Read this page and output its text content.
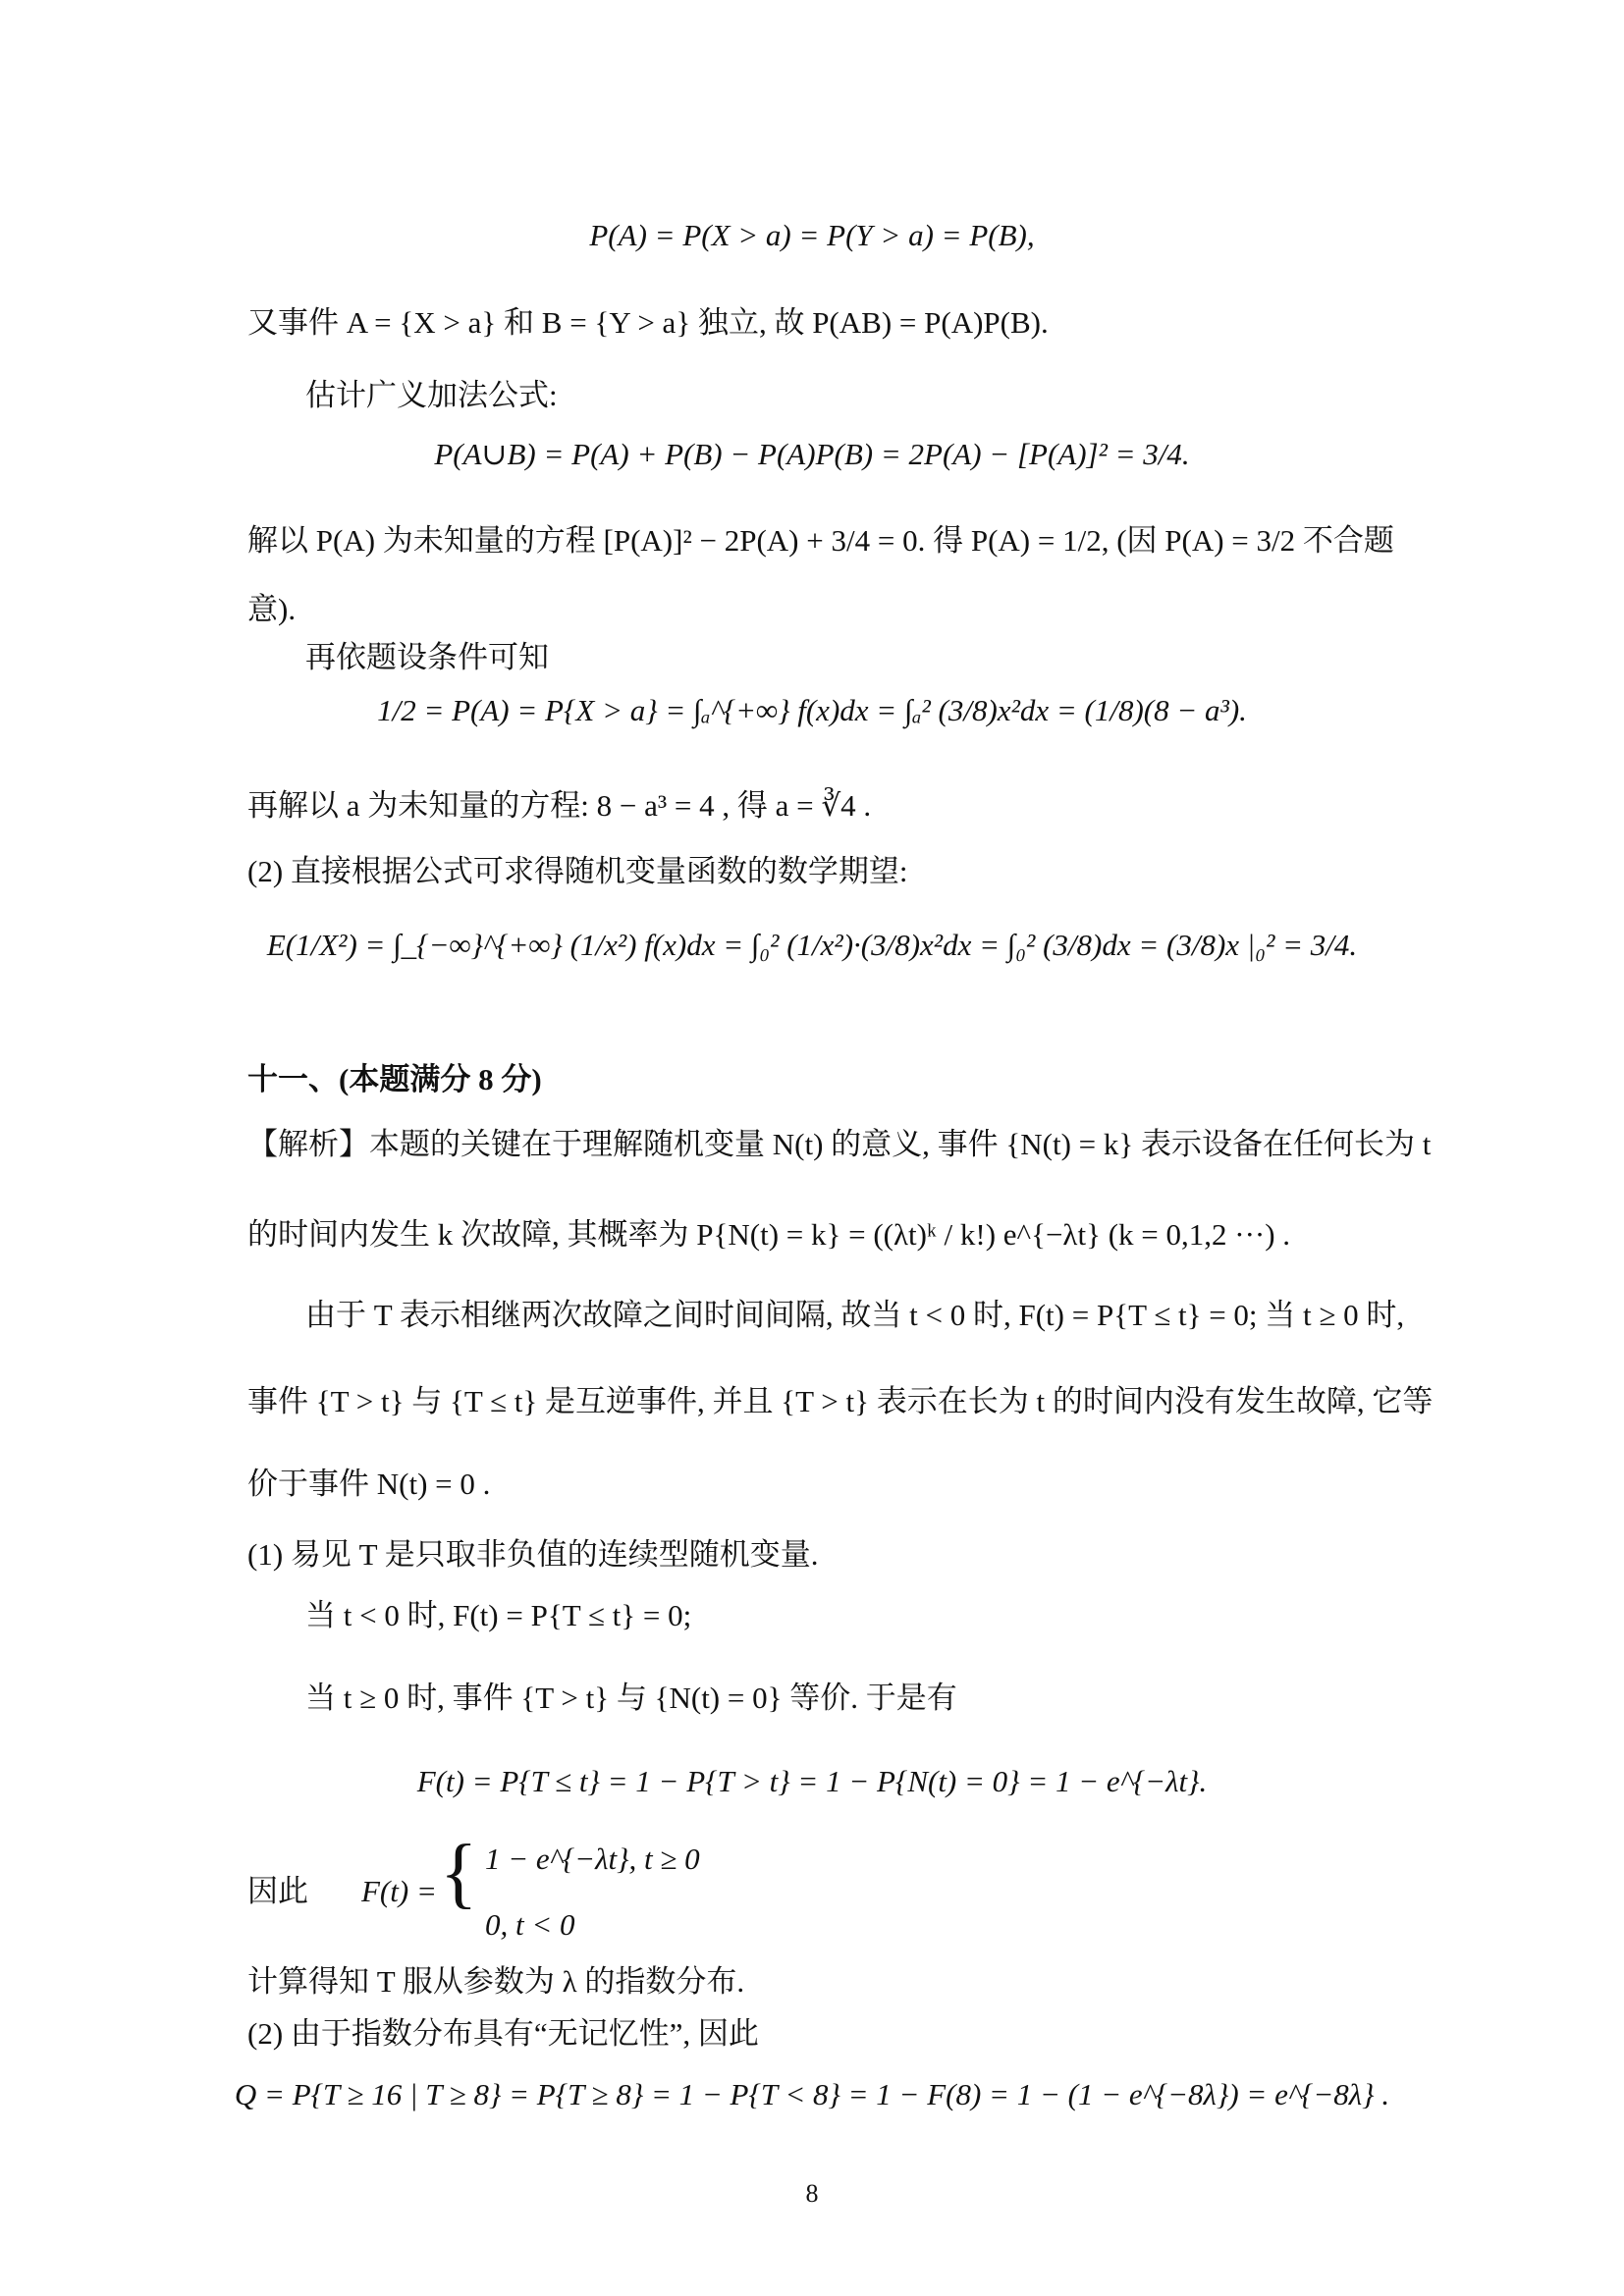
P(A) = P(X > a) = P(Y > a) = P(B),
又事件 A = {X > a} 和 B = {Y > a} 独立, 故 P(AB) = P(A)P(B).
估计广义加法公式:
P(A∪B) = P(A) + P(B) − P(A)P(B) = 2P(A) − [P(A)]² = 3/4.
解以 P(A) 为未知量的方程 [P(A)]² − 2P(A) + 3/4 = 0. 得 P(A) = 1/2, (因 P(A) = 3/2 不合题
意).
再依题设条件可知
1/2 = P(A) = P{X > a} = ∫ₐ^{+∞} f(x)dx = ∫ₐ² (3/8)x²dx = (1/8)(8 − a³).
再解以 a 为未知量的方程: 8 − a³ = 4 , 得 a = ∛4 .
(2) 直接根据公式可求得随机变量函数的数学期望:
E(1/X²) = ∫_{−∞}^{+∞} (1/x²) f(x)dx = ∫₀² (1/x²)·(3/8)x²dx = ∫₀² (3/8)dx = (3/8)x |₀² = 3/4.
十一、(本题满分 8 分)
【解析】本题的关键在于理解随机变量 N(t) 的意义, 事件 {N(t) = k} 表示设备在任何长为 t
的时间内发生 k 次故障, 其概率为 P{N(t) = k} = ((λt)ᵏ / k!) e^{−λt} (k = 0,1,2 ···) .
由于 T 表示相继两次故障之间时间间隔, 故当 t < 0 时, F(t) = P{T ≤ t} = 0; 当 t ≥ 0 时,
事件 {T > t} 与 {T ≤ t} 是互逆事件, 并且 {T > t} 表示在长为 t 的时间内没有发生故障, 它等
价于事件 N(t) = 0 .
(1) 易见 T 是只取非负值的连续型随机变量.
当 t < 0 时, F(t) = P{T ≤ t} = 0;
当 t ≥ 0 时, 事件 {T > t} 与 {N(t) = 0} 等价. 于是有
F(t) = P{T ≤ t} = 1 − P{T > t} = 1 − P{N(t) = 0} = 1 − e^{−λt}.
因此 F(t) = { 1 − e^{−λt}, t ≥ 0
0, t < 0
计算得知 T 服从参数为 λ 的指数分布.
(2) 由于指数分布具有“无记忆性”, 因此
Q = P{T ≥ 16 | T ≥ 8} = P{T ≥ 8} = 1 − P{T < 8} = 1 − F(8) = 1 − (1 − e^{−8λ}) = e^{−8λ} .
8
